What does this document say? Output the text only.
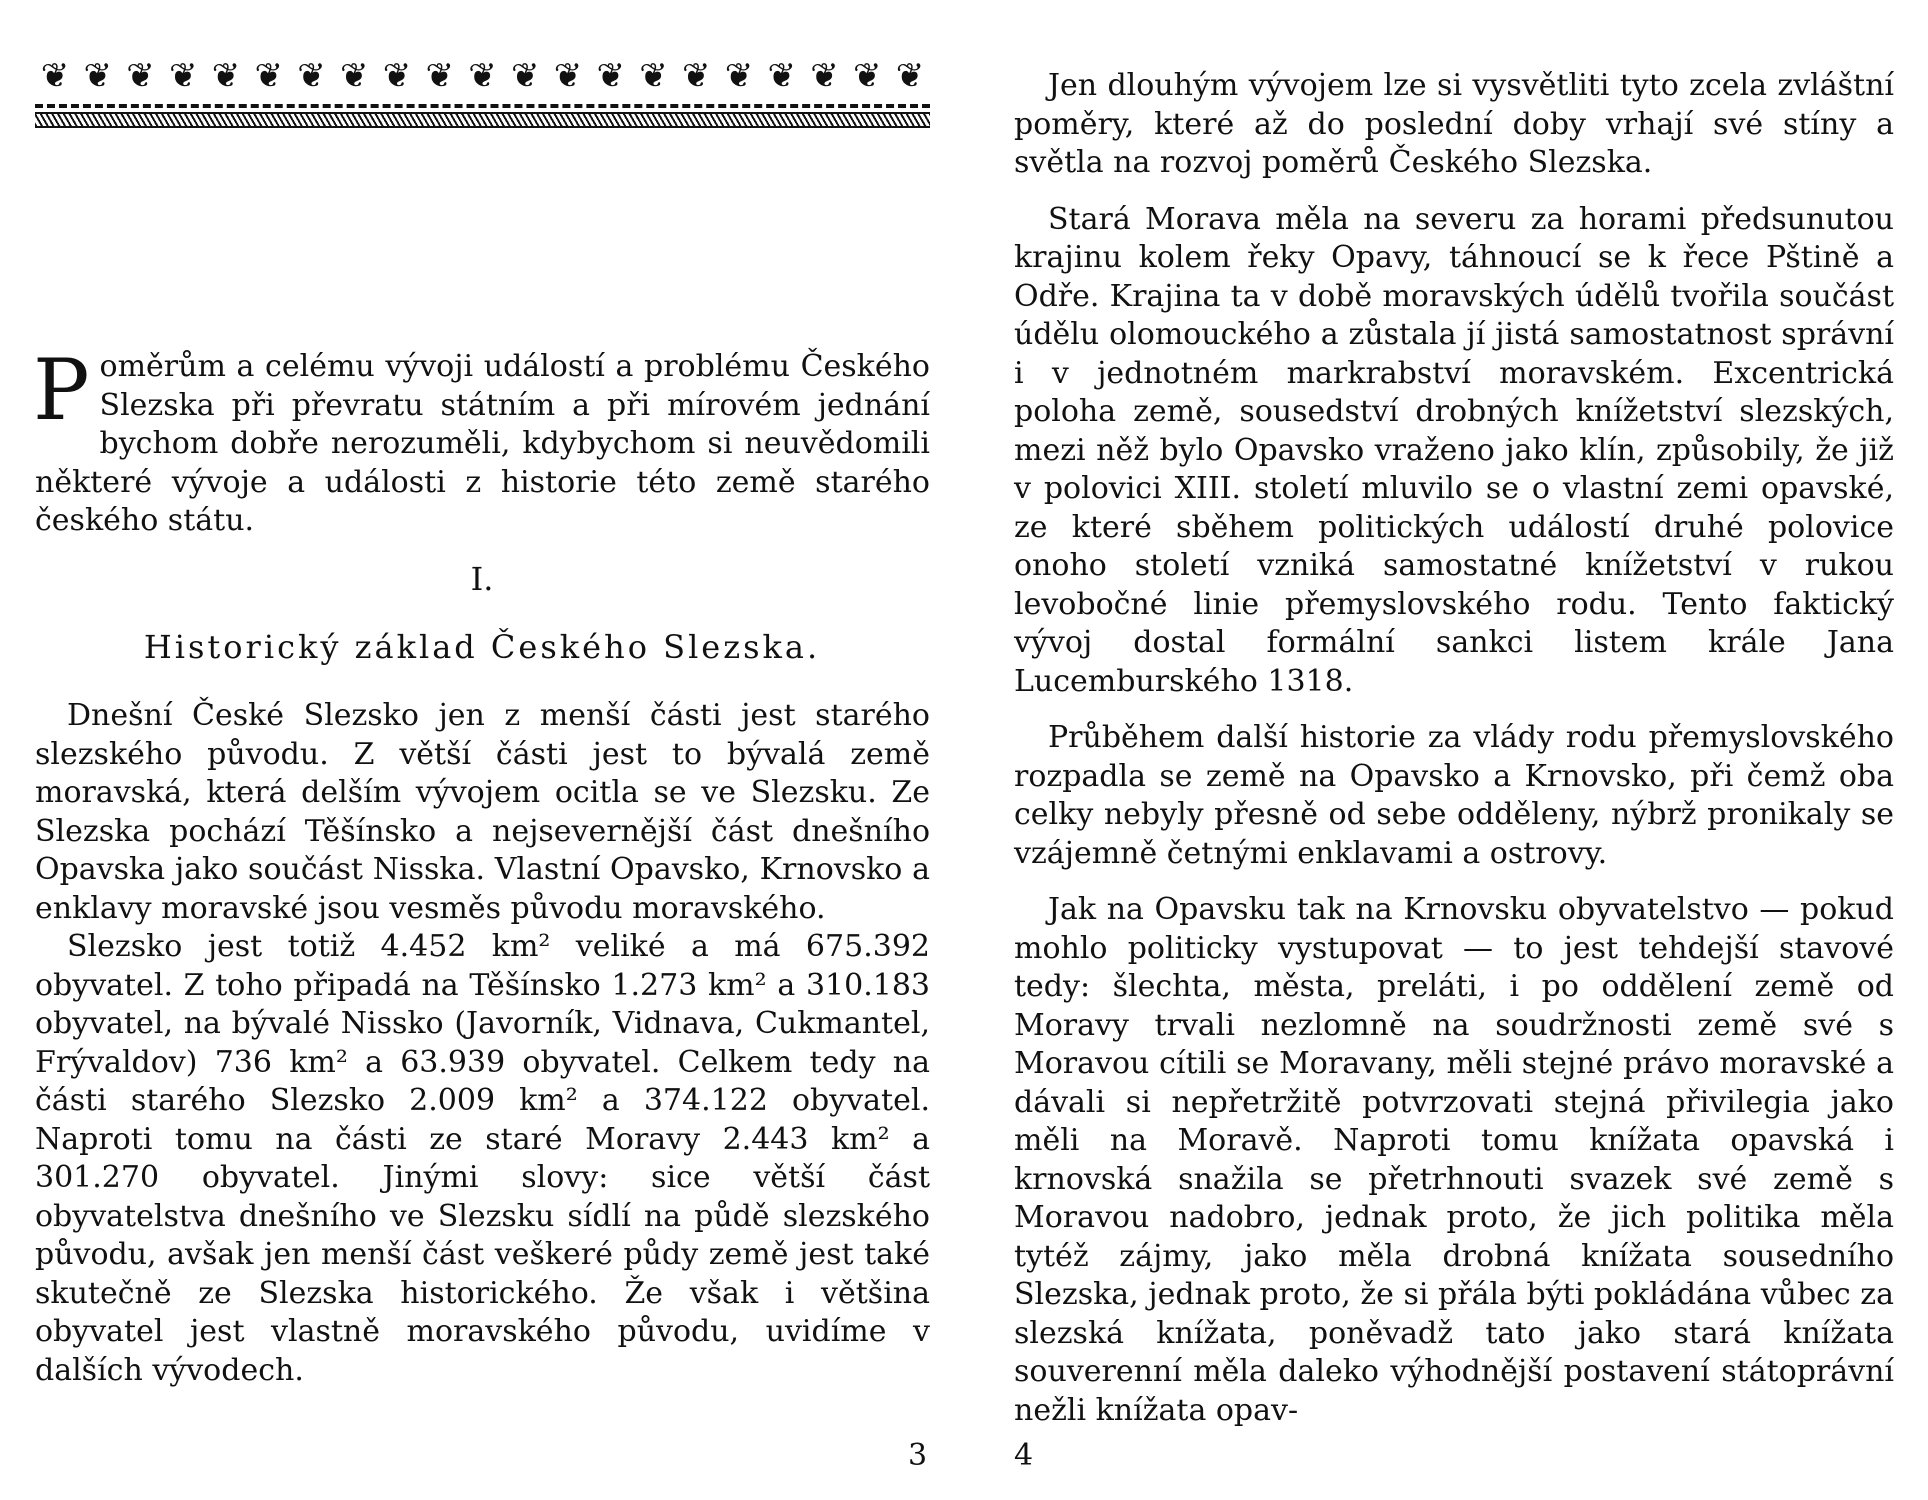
❦ ❦ ❦ ❦ ❦ ❦ ❦ ❦ ❦ ❦ ❦ ❦ ❦ ❦ ❦ ❦ ❦ ❦ ❦ ❦ ❦

Poměrům a celému vývoji událostí a problému Českého Slezska při převratu státním a při mírovém jednání bychom dobře nerozuměli, kdybychom si neuvědomili některé vývoje a události z historie této země starého českého státu.

I.
Historický základ Českého Slezska.

Dnešní České Slezsko jen z menší části jest starého slezského původu. Z větší části jest to bývalá země moravská, která delším vývojem ocitla se ve Slezsku. Ze Slezska pochází Těšínsko a nejsevernější část dnešního Opavska jako součást Nisska. Vlastní Opavsko, Krnovsko a enklavy moravské jsou vesměs původu moravského.

Slezsko jest totiž 4.452 km² veliké a má 675.392 obyvatel. Z toho připadá na Těšínsko 1.273 km² a 310.183 obyvatel, na bývalé Nissko (Javorník, Vidnava, Cukmantel, Frývaldov) 736 km² a 63.939 obyvatel. Celkem tedy na části starého Slezsko 2.009 km² a 374.122 obyvatel. Naproti tomu na části ze staré Moravy 2.443 km² a 301.270 obyvatel. Jinými slovy: sice větší část obyvatelstva dnešního ve Slezsku sídlí na půdě slezského původu, avšak jen menší část veškeré půdy země jest také skutečně ze Slezska historického. Že však i většina obyvatel jest vlastně moravského původu, uvidíme v dalších vývodech.

3

Jen dlouhým vývojem lze si vysvětliti tyto zcela zvláštní poměry, které až do poslední doby vrhají své stíny a světla na rozvoj poměrů Českého Slezska.

Stará Morava měla na severu za horami předsunutou krajinu kolem řeky Opavy, táhnoucí se k řece Pštině a Odře. Krajina ta v době moravských údělů tvořila součást údělu olomouckého a zůstala jí jistá samostatnost správní i v jednotném markrabství moravském. Excentrická poloha země, sousedství drobných knížetství slezských, mezi něž bylo Opavsko vraženo jako klín, způsobily, že již v polovici XIII. století mluvilo se o vlastní zemi opavské, ze které sběhem politických událostí druhé polovice onoho století vzniká samostatné knížetství v rukou levobočné linie přemyslovského rodu. Tento faktický vývoj dostal formální sankci listem krále Jana Lucemburského 1318.

Průběhem další historie za vlády rodu přemyslovského rozpadla se země na Opavsko a Krnovsko, při čemž oba celky nebyly přesně od sebe odděleny, nýbrž pronikaly se vzájemně četnými enklavami a ostrovy.

Jak na Opavsku tak na Krnovsku obyvatelstvo — pokud mohlo politicky vystupovat — to jest tehdejší stavové tedy: šlechta, města, preláti, i po oddělení země od Moravy trvali nezlomně na soudržnosti země své s Moravou cítili se Moravany, měli stejné právo moravské a dávali si nepřetržitě potvrzovati stejná přivilegia jako měli na Moravě. Naproti tomu knížata opavská i krnovská snažila se přetrhnouti svazek své země s Moravou nadobro, jednak proto, že jich politika měla tytéž zájmy, jako měla drobná knížata sousedního Slezska, jednak proto, že si přála býti pokládána vůbec za slezská knížata, poněvadž tato jako stará knížata souverenní měla daleko výhodnější postavení státoprávní nežli knížata opav-

4
